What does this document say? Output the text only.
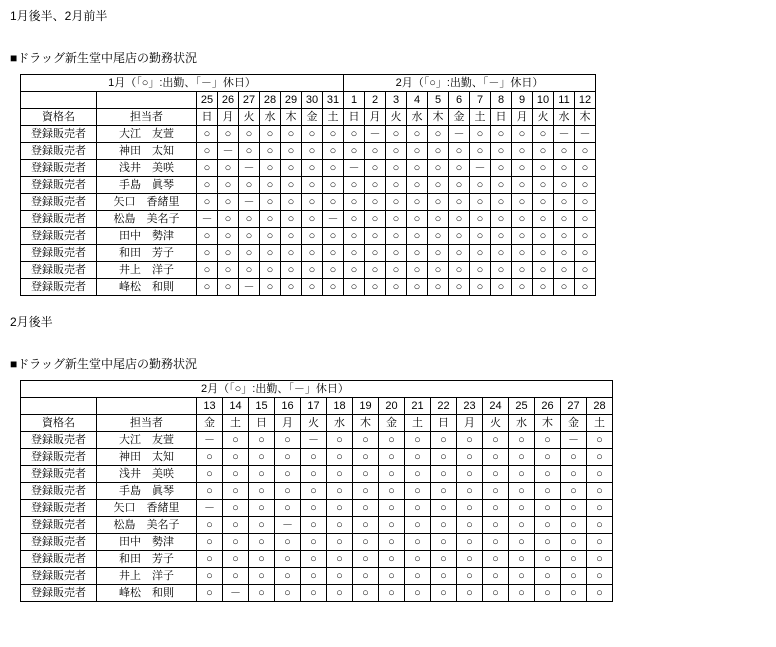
1月後半、2月前半
■ドラッグ新生堂中尾店の勤務状況
1月（「○」:出勤、「－」休日）									2月（「○」:出勤、「－」休日）											
		25	26	27	28	29	30	31	1	2	3	4	5	6	7	8	9	10	11	12
資格名	担当者	日	月	火	水	木	金	土	日	月	火	水	木	金	土	日	月	火	水	木
登録販売者	大江　友萱	○	○	○	○	○	○	○	○	－	○	○	○	－	○	○	○	○	－	－
登録販売者	神田　太知	○	－	○	○	○	○	○	○	○	○	○	○	○	○	○	○	○	○	○
登録販売者	浅井　美咲	○	○	－	○	○	○	○	－	○	○	○	○	○	－	○	○	○	○	○
登録販売者	手島　眞琴	○	○	○	○	○	○	○	○	○	○	○	○	○	○	○	○	○	○	○
登録販売者	矢口　香緒里	○	○	－	○	○	○	○	○	○	○	○	○	○	○	○	○	○	○	○
登録販売者	松島　美名子	－	○	○	○	○	○	－	○	○	○	○	○	○	○	○	○	○	○	○
登録販売者	田中　勢津	○	○	○	○	○	○	○	○	○	○	○	○	○	○	○	○	○	○	○
登録販売者	和田　芳子	○	○	○	○	○	○	○	○	○	○	○	○	○	○	○	○	○	○	○
登録販売者	井上　洋子	○	○	○	○	○	○	○	○	○	○	○	○	○	○	○	○	○	○	○
登録販売者	峰松　和則	○	○	－	○	○	○	○	○	○	○	○	○	○	○	○	○	○	○	○
2月後半
■ドラッグ新生堂中尾店の勤務状況
2月（「○」:出勤、「－」休日）																	
		13	14	15	16	17	18	19	20	21	22	23	24	25	26	27	28
資格名	担当者	金	土	日	月	火	水	木	金	土	日	月	火	水	木	金	土
登録販売者	大江　友萱	－	○	○	○	－	○	○	○	○	○	○	○	○	○	－	○
登録販売者	神田　太知	○	○	○	○	○	○	○	○	○	○	○	○	○	○	○	○
登録販売者	浅井　美咲	○	○	○	○	○	○	○	○	○	○	○	○	○	○	○	○
登録販売者	手島　眞琴	○	○	○	○	○	○	○	○	○	○	○	○	○	○	○	○
登録販売者	矢口　香緒里	－	○	○	○	○	○	○	○	○	○	○	○	○	○	○	○
登録販売者	松島　美名子	○	○	○	－	○	○	○	○	○	○	○	○	○	○	○	○
登録販売者	田中　勢津	○	○	○	○	○	○	○	○	○	○	○	○	○	○	○	○
登録販売者	和田　芳子	○	○	○	○	○	○	○	○	○	○	○	○	○	○	○	○
登録販売者	井上　洋子	○	○	○	○	○	○	○	○	○	○	○	○	○	○	○	○
登録販売者	峰松　和則	○	－	○	○	○	○	○	○	○	○	○	○	○	○	○	○
